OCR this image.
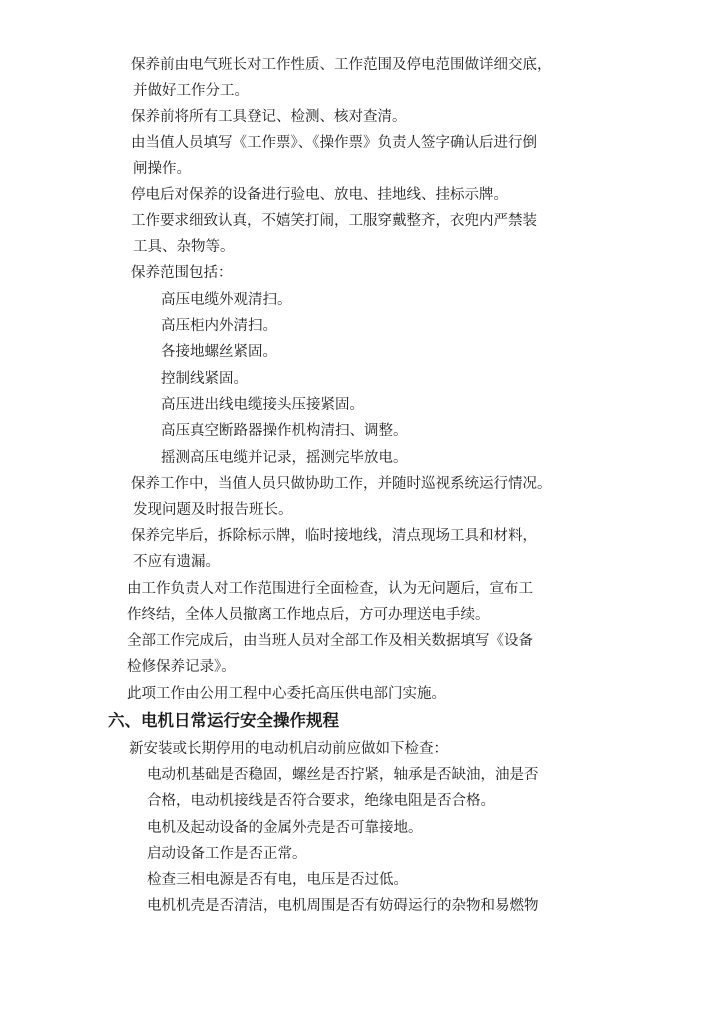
保养前由电气班长对工作性质、工作范围及停电范围做详细交底，
并做好工作分工。
保养前将所有工具登记、检测、核对查清。
由当值人员填写《工作票》、《操作票》负责人签字确认后进行倒
闸操作。
停电后对保养的设备进行验电、放电、挂地线、挂标示牌。
工作要求细致认真，不嬉笑打闹，工服穿戴整齐，衣兜内严禁装
工具、杂物等。
保养范围包括：
高压电缆外观清扫。
高压柜内外清扫。
各接地螺丝紧固。
控制线紧固。
高压进出线电缆接头压接紧固。
高压真空断路器操作机构清扫、调整。
摇测高压电缆并记录，摇测完毕放电。
保养工作中，当值人员只做协助工作，并随时巡视系统运行情况。
发现问题及时报告班长。
保养完毕后，拆除标示牌，临时接地线，清点现场工具和材料，
不应有遗漏。
由工作负责人对工作范围进行全面检查，认为无问题后，宣布工
作终结，全体人员撤离工作地点后，方可办理送电手续。
全部工作完成后，由当班人员对全部工作及相关数据填写《设备
检修保养记录》。
此项工作由公用工程中心委托高压供电部门实施。
六、电机日常运行安全操作规程
新安装或长期停用的电动机启动前应做如下检查：
电动机基础是否稳固，螺丝是否拧紧，轴承是否缺油，油是否
合格，电动机接线是否符合要求，绝缘电阻是否合格。
电机及起动设备的金属外壳是否可靠接地。
启动设备工作是否正常。
检查三相电源是否有电，电压是否过低。
电机机壳是否清洁，电机周围是否有妨碍运行的杂物和易燃物
